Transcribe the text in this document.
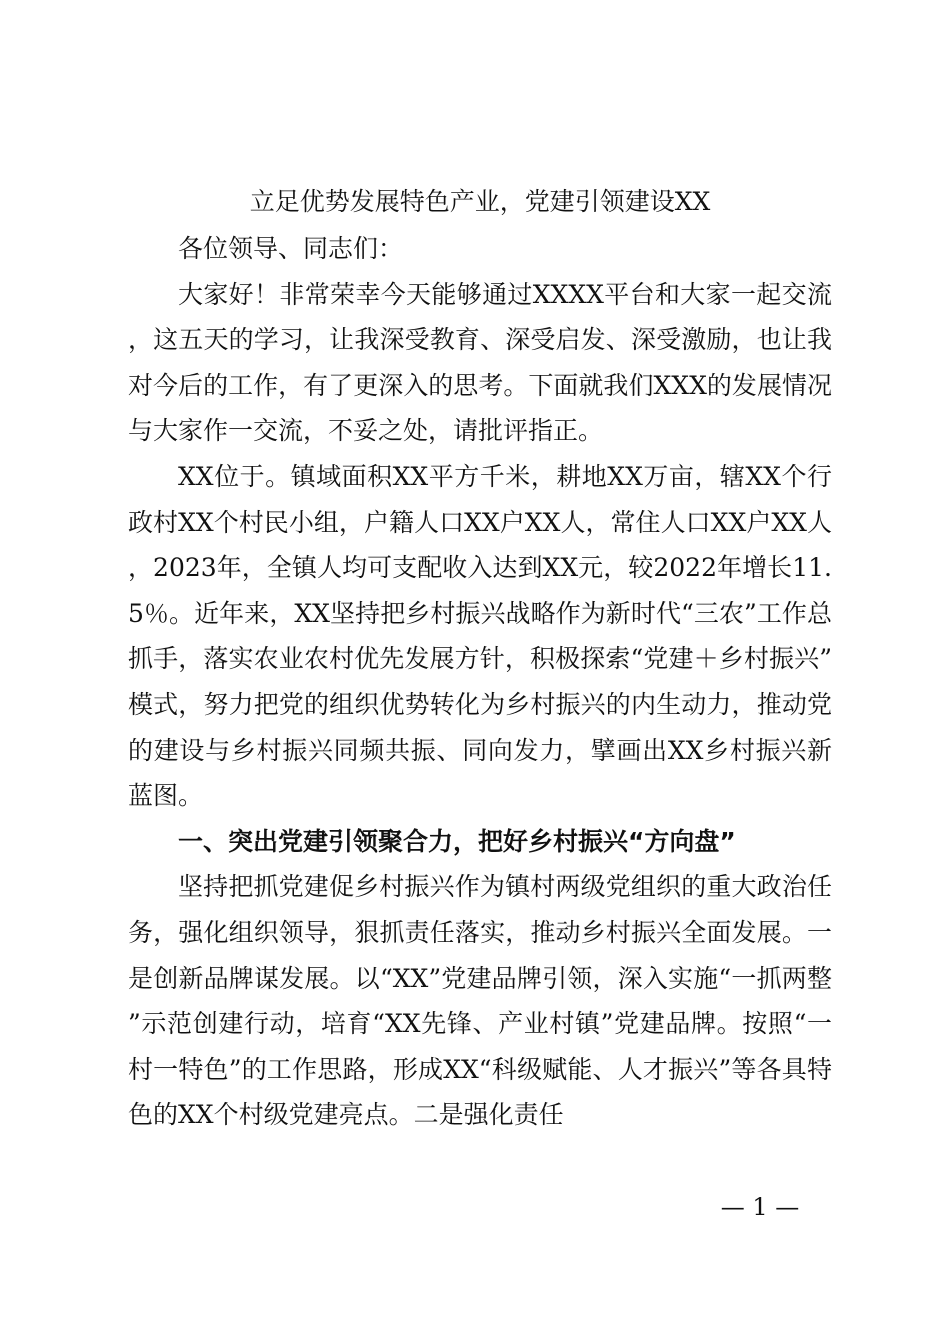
立足优势发展特色产业，党建引领建设XX

各位领导、同志们：

大家好！非常荣幸今天能够通过XXXX平台和大家一起交流，这五天的学习，让我深受教育、深受启发、深受激励，也让我对今后的工作，有了更深入的思考。下面就我们XXX的发展情况与大家作一交流，不妥之处，请批评指正。

XX位于。镇域面积XX平方千米，耕地XX万亩，辖XX个行政村XX个村民小组，户籍人口XX户XX人，常住人口XX户XX人，2023年，全镇人均可支配收入达到XX元，较2022年增长11.5％。近年来，XX坚持把乡村振兴战略作为新时代“三农”工作总抓手，落实农业农村优先发展方针，积极探索“党建＋乡村振兴”模式，努力把党的组织优势转化为乡村振兴的内生动力，推动党的建设与乡村振兴同频共振、同向发力，擘画出XX乡村振兴新蓝图。

一、突出党建引领聚合力，把好乡村振兴“方向盘”

坚持把抓党建促乡村振兴作为镇村两级党组织的重大政治任务，强化组织领导，狠抓责任落实，推动乡村振兴全面发展。一是创新品牌谋发展。以“XX”党建品牌引领，深入实施“一抓两整”示范创建行动，培育“XX先锋、产业村镇”党建品牌。按照“一村一特色”的工作思路，形成XX“科级赋能、人才振兴”等各具特色的XX个村级党建亮点。二是强化责任

— 1 —
